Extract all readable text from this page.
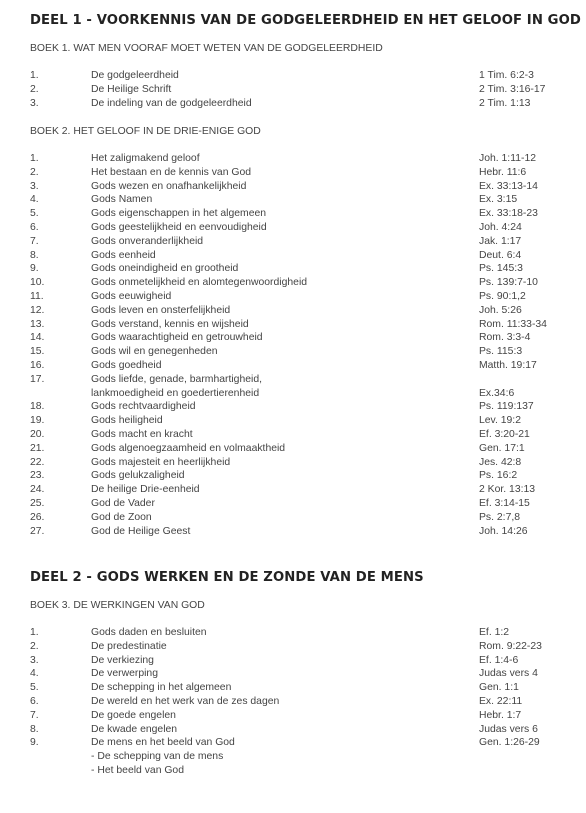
DEEL 1 - VOORKENNIS VAN DE GODGELEERDHEID EN HET GELOOF IN GOD
BOEK 1. WAT MEN VOORAF MOET WETEN VAN DE GODGELEERDHEID
1.	De godgeleerdheid	1 Tim. 6:2-3
2.	De Heilige Schrift	2 Tim. 3:16-17
3.	De indeling van de godgeleerdheid	2 Tim. 1:13
BOEK 2. HET GELOOF IN DE DRIE-ENIGE GOD
1.	Het zaligmakend geloof	Joh. 1:11-12
2.	Het bestaan en de kennis van God	Hebr. 11:6
3.	Gods wezen en onafhankelijkheid	Ex. 33:13-14
4.	Gods Namen	Ex. 3:15
5.	Gods eigenschappen in het algemeen	Ex. 33:18-23
6.	Gods geestelijkheid en eenvoudigheid	Joh. 4:24
7.	Gods onveranderlijkheid	Jak. 1:17
8.	Gods eenheid	Deut. 6:4
9.	Gods oneindigheid en grootheid	Ps. 145:3
10.	Gods onmetelijkheid en alomtegenwoordigheid	Ps. 139:7-10
11.	Gods eeuwigheid	Ps. 90:1,2
12.	Gods leven en onsterfelijkheid	Joh. 5:26
13.	Gods verstand, kennis en wijsheid	Rom. 11:33-34
14.	Gods waarachtigheid en getrouwheid	Rom. 3:3-4
15.	Gods wil en genegenheden	Ps. 115:3
16.	Gods goedheid	Matth. 19:17
17.	Gods liefde, genade, barmhartigheid,
lankmoedigheid en goedertierenheid	Ex.34:6
18.	Gods rechtvaardigheid	Ps. 119:137
19.	Gods heiligheid	Lev. 19:2
20.	Gods macht en kracht	Ef. 3:20-21
21.	Gods algenoegzaamheid en volmaaktheid	Gen. 17:1
22.	Gods majesteit en heerlijkheid	Jes. 42:8
23.	Gods gelukzaligheid	Ps. 16:2
24.	De heilige Drie-eenheid	2 Kor. 13:13
25.	God de Vader	Ef. 3:14-15
26.	God de Zoon	Ps. 2:7,8
27.	God de Heilige Geest	Joh. 14:26
DEEL 2 - GODS WERKEN EN DE ZONDE VAN DE MENS
BOEK 3. DE WERKINGEN VAN GOD
1.	Gods daden en besluiten	Ef. 1:2
2.	De predestinatie	Rom. 9:22-23
3.	De verkiezing	Ef. 1:4-6
4.	De verwerping	Judas vers 4
5.	De schepping in het algemeen	Gen. 1:1
6.	De wereld en het werk van de zes dagen	Ex. 22:11
7.	De goede engelen	Hebr. 1:7
8.	De kwade engelen	Judas vers 6
9.	De mens en het beeld van God	Gen. 1:26-29
- De schepping van de mens
- Het beeld van God
